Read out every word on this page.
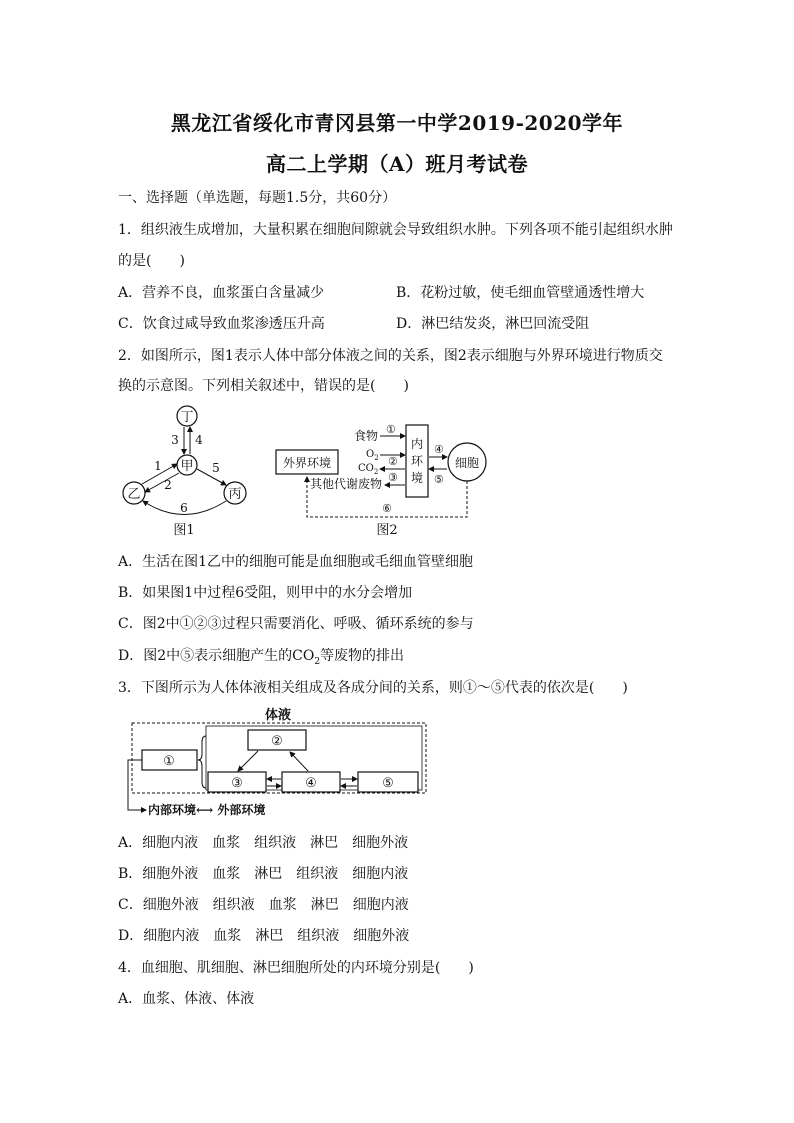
黑龙江省绥化市青冈县第一中学2019-2020学年
高二上学期（A）班月考试卷
一、选择题（单选题，每题1.5分，共60分）
1．组织液生成增加，大量积累在细胞间隙就会导致组织水肿。下列各项不能引起组织水肿
的是(　　)
A．营养不良，血浆蛋白含量减少	B．花粉过敏，使毛细血管壁通透性增大
C．饮食过咸导致血浆渗透压升高	D．淋巴结发炎，淋巴回流受阻
2．如图所示，图1表示人体中部分体液之间的关系，图2表示细胞与外界环境进行物质交
换的示意图。下列相关叙述中，错误的是(　　)
丁
甲
乙	丙
3 4
1
2
5
6
图1
外界环境
内
环
境
细胞
食物 ①
$O_2$
$CO_2$
②
其他代谢废物 ③
④
⑤
⑥
图2
A．生活在图1乙中的细胞可能是血细胞或毛细血管壁细胞
B．如果图1中过程6受阻，则甲中的水分会增加
C．图2中①②③过程只需要消化、呼吸、循环系统的参与
D．图2中⑤表示细胞产生的$CO_2$等废物的排出
3．下图所示为人体体液相关组成及各成分间的关系，则①～⑤代表的依次是(　　)
体液
①
②
③	④	⑤
内部环境⟷ 外部环境
A．细胞内液　血浆　组织液　淋巴　细胞外液
B．细胞外液　血浆　淋巴　组织液　细胞内液
C．细胞外液　组织液　血浆　淋巴　细胞内液
D．细胞内液　血浆　淋巴　组织液　细胞外液
4．血细胞、肌细胞、淋巴细胞所处的内环境分别是(　　)
A．血浆、体液、体液
